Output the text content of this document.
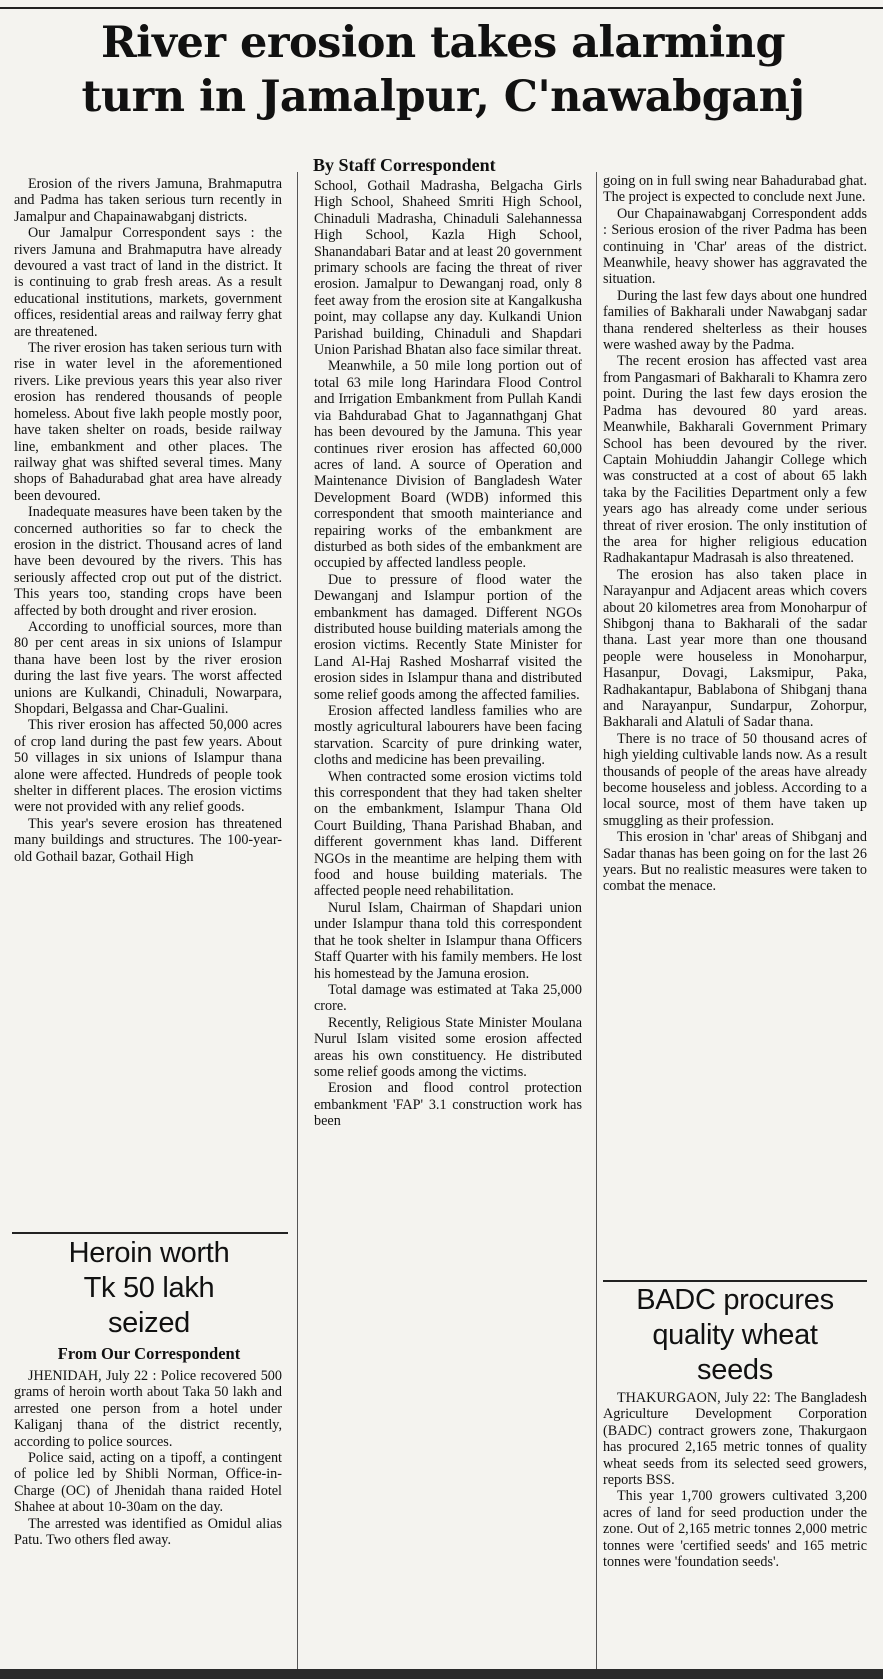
River erosion takes alarming
turn in Jamalpur, C'nawabganj
By Staff Correspondent

Erosion of the rivers Jamuna, Brahmaputra and Padma has taken serious turn recently in Jamalpur and Chapainawabganj districts.

Our Jamalpur Correspondent says : the rivers Jamuna and Brahmaputra have already devoured a vast tract of land in the district. It is continuing to grab fresh areas. As a result educational institutions, markets, government offices, residential areas and railway ferry ghat are threatened.

The river erosion has taken serious turn with rise in water level in the aforementioned rivers. Like previous years this year also river erosion has rendered thousands of people homeless. About five lakh people mostly poor, have taken shelter on roads, beside railway line, embankment and other places. The railway ghat was shifted several times. Many shops of Bahadurabad ghat area have already been devoured.

Inadequate measures have been taken by the concerned authorities so far to check the erosion in the district. Thousand acres of land have been devoured by the rivers. This has seriously affected crop out put of the district. This years too, standing crops have been affected by both drought and river erosion.

According to unofficial sources, more than 80 per cent areas in six unions of Islampur thana have been lost by the river erosion during the last five years. The worst affected unions are Kulkandi, Chinaduli, Nowarpara, Shopdari, Belgassa and Char-Gualini.

This river erosion has affected 50,000 acres of crop land during the past few years. About 50 villages in six unions of Islampur thana alone were affected. Hundreds of people took shelter in different places. The erosion victims were not provided with any relief goods.

This year's severe erosion has threatened many buildings and structures. The 100-year-old Gothail bazar, Gothail High

School, Gothail Madrasha, Belgacha Girls High School, Shaheed Smriti High School, Chinaduli Madrasha, Chinaduli Salehannessa High School, Kazla High School, Shanandabari Batar and at least 20 government primary schools are facing the threat of river erosion. Jamalpur to Dewanganj road, only 8 feet away from the erosion site at Kangalkusha point, may collapse any day. Kulkandi Union Parishad building, Chinaduli and Shapdari Union Parishad Bhatan also face similar threat.

Meanwhile, a 50 mile long portion out of total 63 mile long Harindara Flood Control and Irrigation Embankment from Pullah Kandi via Bahdurabad Ghat to Jagannathganj Ghat has been devoured by the Jamuna. This year continues river erosion has affected 60,000 acres of land. A source of Operation and Maintenance Division of Bangladesh Water Development Board (WDB) informed this correspondent that smooth mainteriance and repairing works of the embankment are disturbed as both sides of the embankment are occupied by affected landless people.

Due to pressure of flood water the Dewanganj and Islampur portion of the embankment has damaged. Different NGOs distributed house building materials among the erosion victims. Recently State Minister for Land Al-Haj Rashed Mosharraf visited the erosion sides in Islampur thana and distributed some relief goods among the affected families.

Erosion affected landless families who are mostly agricultural labourers have been facing starvation. Scarcity of pure drinking water, cloths and medicine has been prevailing.

When contracted some erosion victims told this correspondent that they had taken shelter on the embankment, Islampur Thana Old Court Building, Thana Parishad Bhaban, and different government khas land. Different NGOs in the meantime are helping them with food and house building materials. The affected people need rehabilitation.

Nurul Islam, Chairman of Shapdari union under Islampur thana told this correspondent that he took shelter in Islampur thana Officers Staff Quarter with his family members. He lost his homestead by the Jamuna erosion.

Total damage was estimated at Taka 25,000 crore.

Recently, Religious State Minister Moulana Nurul Islam visited some erosion affected areas his own constituency. He distributed some relief goods among the victims.

Erosion and flood control protection embankment 'FAP' 3.1 construction work has been

going on in full swing near Bahadurabad ghat. The project is expected to conclude next June.

Our Chapainawabganj Correspondent adds : Serious erosion of the river Padma has been continuing in 'Char' areas of the district. Meanwhile, heavy shower has aggravated the situation.

During the last few days about one hundred families of Bakharali under Nawabganj sadar thana rendered shelterless as their houses were washed away by the Padma.

The recent erosion has affected vast area from Pangasmari of Bakharali to Khamra zero point. During the last few days erosion the Padma has devoured 80 yard areas. Meanwhile, Bakharali Government Primary School has been devoured by the river. Captain Mohiuddin Jahangir College which was constructed at a cost of about 65 lakh taka by the Facilities Department only a few years ago has already come under serious threat of river erosion. The only institution of the area for higher religious education Radhakantapur Madrasah is also threatened.

The erosion has also taken place in Narayanpur and Adjacent areas which covers about 20 kilometres area from Monoharpur of Shibgonj thana to Bakharali of the sadar thana. Last year more than one thousand people were houseless in Monoharpur, Hasanpur, Dovagi, Laksmipur, Paka, Radhakantapur, Bablabona of Shibganj thana and Narayanpur, Sundarpur, Zohorpur, Bakharali and Alatuli of Sadar thana.

There is no trace of 50 thousand acres of high yielding cultivable lands now. As a result thousands of people of the areas have already become houseless and jobless. According to a local source, most of them have taken up smuggling as their profession.

This erosion in 'char' areas of Shibganj and Sadar thanas has been going on for the last 26 years. But no realistic measures were taken to combat the menace.

Heroin worth
Tk 50 lakh
seized
From Our Correspondent

JHENIDAH, July 22 : Police recovered 500 grams of heroin worth about Taka 50 lakh and arrested one person from a hotel under Kaliganj thana of the district recently, according to police sources.

Police said, acting on a tipoff, a contingent of police led by Shibli Norman, Office-in-Charge (OC) of Jhenidah thana raided Hotel Shahee at about 10-30am on the day.

The arrested was identified as Omidul alias Patu. Two others fled away.

BADC procures
quality wheat
seeds

THAKURGAON, July 22: The Bangladesh Agriculture Development Corporation (BADC) contract growers zone, Thakurgaon has procured 2,165 metric tonnes of quality wheat seeds from its selected seed growers, reports BSS.

This year 1,700 growers cultivated 3,200 acres of land for seed production under the zone. Out of 2,165 metric tonnes 2,000 metric tonnes were 'certified seeds' and 165 metric tonnes were 'foundation seeds'.
